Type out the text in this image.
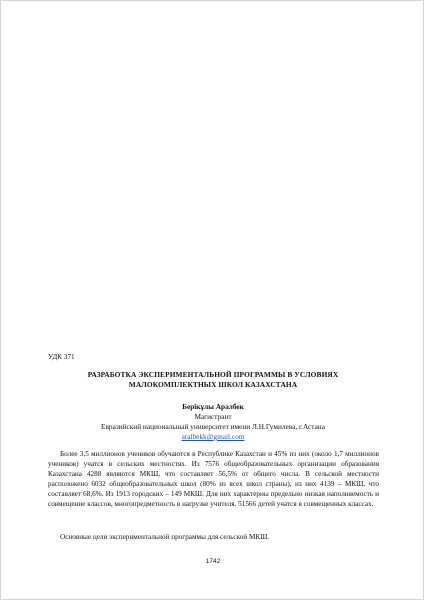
УДК 371
РАЗРАБОТКА ЭКСПЕРИМЕНТАЛЬНОЙ ПРОГРАММЫ В УСЛОВИЯХ
МАЛОКОМПЛЕКТНЫХ ШКОЛ КАЗАХСТАНА
Берікұлы Аралбек
Магистрант
Евразийский национальный университет имени Л.Н.Гумилева, г.Астана
aralbekk@gmail.com

Более 3,5 миллионов учеников обучаются в Республике Казахстан и 45% из них (около 1,7 миллионов учеников) учатся в сельских местностях. Из 7576 общеобразовательных организации образования Казахстана 4288 являются МКШ, что составляет 56,5% от общего числа. В сельской местности расположено 6032 общеобразовательных школ (80% из всех школ страны), из них 4139 – МКШ, что составляет 68,6%. Из 1913 городских – 149 МКШ. Для них характерны предельно низкая наполняемость и совмещение классов, многопредметность в нагрузке учителя. 51566 детей учатся в совмещенных классах.

Основные цели экспериментальной программы для сельской МКШ.

1742
